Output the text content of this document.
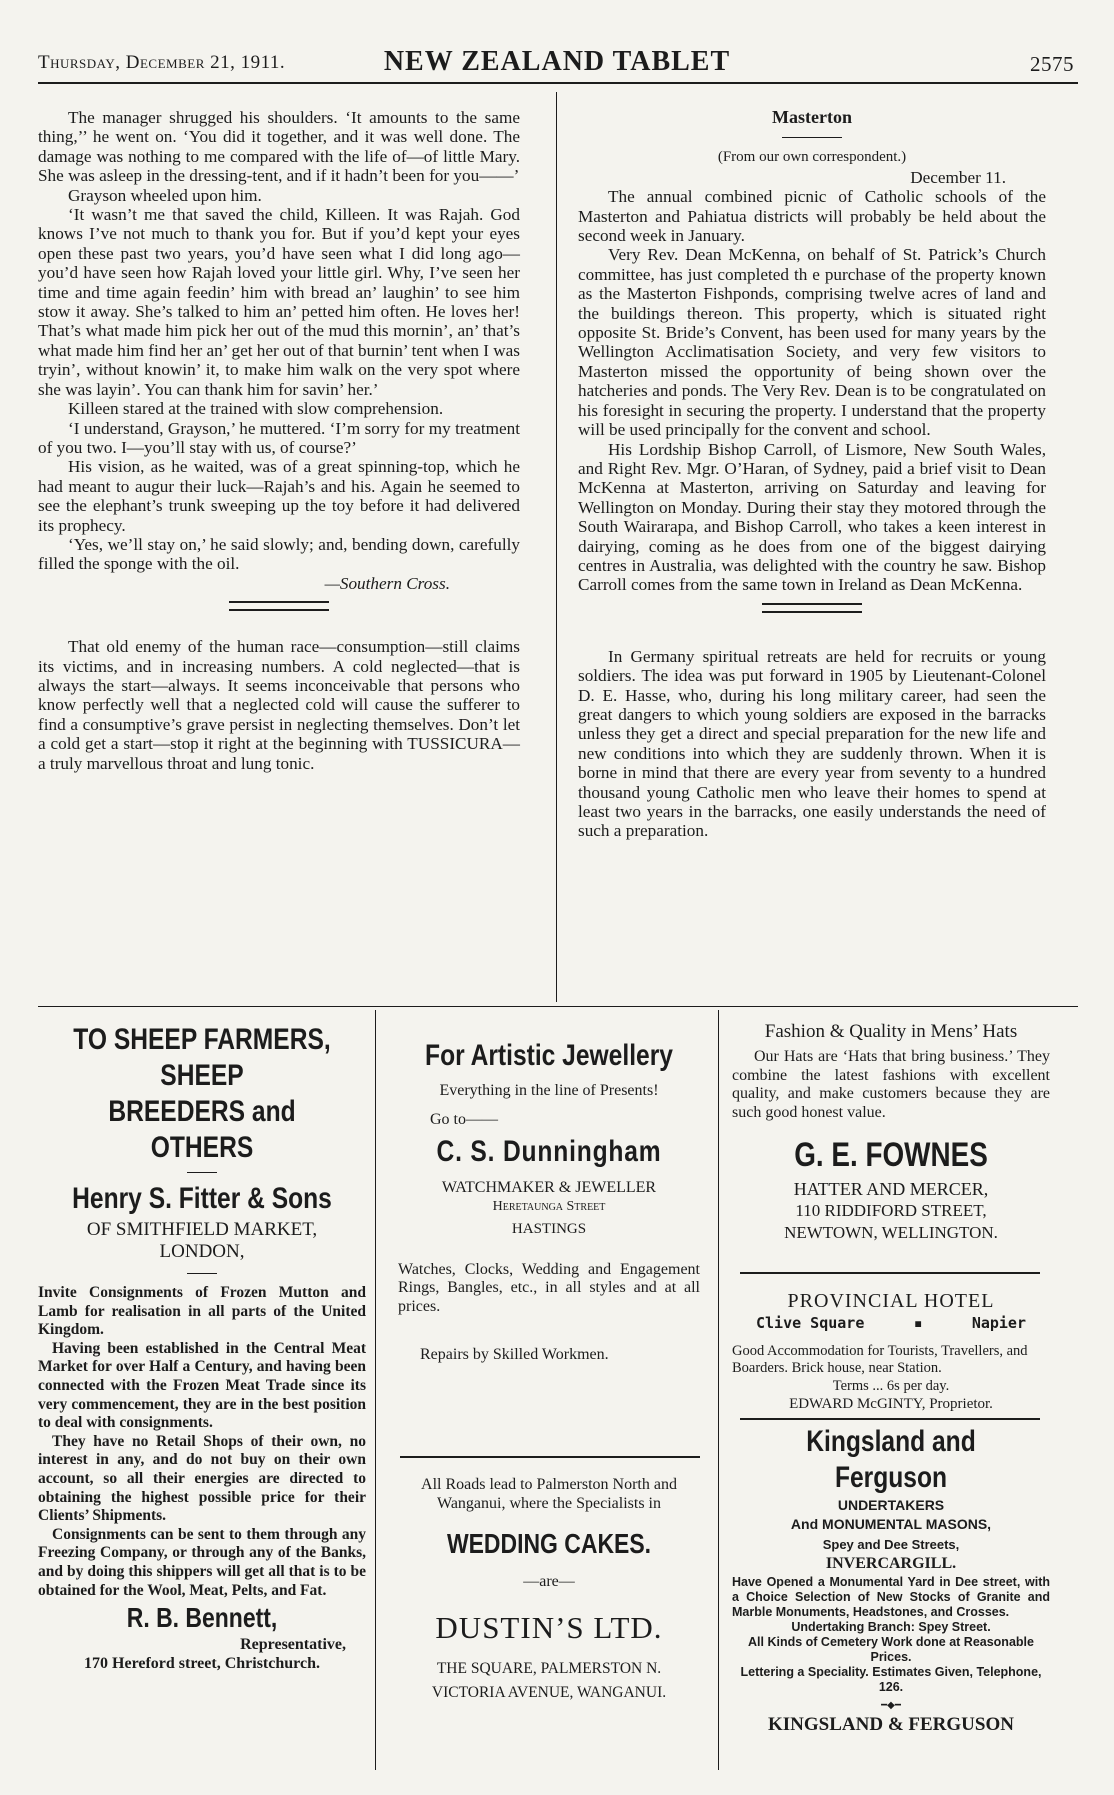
Thursday, December 21, 1911.	NEW ZEALAND TABLET	2575

The manager shrugged his shoulders. ‘It amounts to the same thing,’’ he went on. ‘You did it together, and it was well done. The damage was nothing to me compared with the life of—of little Mary. She was asleep in the dressing-tent, and if it hadn’t been for you——’

Grayson wheeled upon him.

‘It wasn’t me that saved the child, Killeen. It was Rajah. God knows I’ve not much to thank you for. But if you’d kept your eyes open these past two years, you’d have seen what I did long ago—you’d have seen how Rajah loved your little girl. Why, I’ve seen her time and time again feedin’ him with bread an’ laughin’ to see him stow it away. She’s talked to him an’ petted him often. He loves her! That’s what made him pick her out of the mud this mornin’, an’ that’s what made him find her an’ get her out of that burnin’ tent when I was tryin’, without knowin’ it, to make him walk on the very spot where she was layin’. You can thank him for savin’ her.’

Killeen stared at the trained with slow comprehension.

‘I understand, Grayson,’ he muttered. ‘I’m sorry for my treatment of you two. I—you’ll stay with us, of course?’

His vision, as he waited, was of a great spinning-top, which he had meant to augur their luck—Rajah’s and his. Again he seemed to see the elephant’s trunk sweeping up the toy before it had delivered its prophecy.

‘Yes, we’ll stay on,’ he said slowly; and, bending down, carefully filled the sponge with the oil.

—Southern Cross.

That old enemy of the human race—consumption—still claims its victims, and in increasing numbers. A cold neglected—that is always the start—always. It seems inconceivable that persons who know perfectly well that a neglected cold will cause the sufferer to find a consumptive’s grave persist in neglecting themselves. Don’t let a cold get a start—stop it right at the beginning with TUSSICURA—a truly marvellous throat and lung tonic.

Masterton
(From our own correspondent.)
December 11.

The annual combined picnic of Catholic schools of the Masterton and Pahiatua districts will probably be held about the second week in January.

Very Rev. Dean McKenna, on behalf of St. Patrick’s Church committee, has just completed th e purchase of the property known as the Masterton Fishponds, comprising twelve acres of land and the buildings thereon. This property, which is situated right opposite St. Bride’s Convent, has been used for many years by the Wellington Acclimatisation Society, and very few visitors to Masterton missed the opportunity of being shown over the hatcheries and ponds. The Very Rev. Dean is to be congratulated on his foresight in securing the property. I understand that the property will be used principally for the convent and school.

His Lordship Bishop Carroll, of Lismore, New South Wales, and Right Rev. Mgr. O’Haran, of Sydney, paid a brief visit to Dean McKenna at Masterton, arriving on Saturday and leaving for Wellington on Monday. During their stay they motored through the South Wairarapa, and Bishop Carroll, who takes a keen interest in dairying, coming as he does from one of the biggest dairying centres in Australia, was delighted with the country he saw. Bishop Carroll comes from the same town in Ireland as Dean McKenna.

In Germany spiritual retreats are held for recruits or young soldiers. The idea was put forward in 1905 by Lieutenant-Colonel D. E. Hasse, who, during his long military career, had seen the great dangers to which young soldiers are exposed in the barracks unless they get a direct and special preparation for the new life and new conditions into which they are suddenly thrown. When it is borne in mind that there are every year from seventy to a hundred thousand young Catholic men who leave their homes to spend at least two years in the barracks, one easily understands the need of such a preparation.

TO SHEEP FARMERS, SHEEP
BREEDERS and OTHERS
Henry S. Fitter & Sons
OF SMITHFIELD MARKET,
LONDON,

Invite Consignments of Frozen Mutton and Lamb for realisation in all parts of the United Kingdom.

Having been established in the Central Meat Market for over Half a Century, and having been connected with the Frozen Meat Trade since its very commencement, they are in the best position to deal with consignments.

They have no Retail Shops of their own, no interest in any, and do not buy on their own account, so all their energies are directed to obtaining the highest possible price for their Clients’ Shipments.

Consignments can be sent to them through any Freezing Company, or through any of the Banks, and by doing this shippers will get all that is to be obtained for the Wool, Meat, Pelts, and Fat.

R. B. Bennett,
Representative,
170 Hereford street, Christchurch.
For Artistic Jewellery
Everything in the line of Presents!
Go to——
C. S. Dunningham
WATCHMAKER & JEWELLER
Heretaunga Street
HASTINGS
Watches, Clocks, Wedding and Engagement Rings, Bangles, etc., in all styles and at all prices.
Repairs by Skilled Workmen.
All Roads lead to Palmerston North and Wanganui, where the Specialists in
WEDDING CAKES.
—are—
DUSTIN’S LTD.
THE SQUARE, PALMERSTON N.
VICTORIA AVENUE, WANGANUI.
Fashion & Quality in Mens’ Hats
Our Hats are ‘Hats that bring business.’ They combine the latest fashions with excellent quality, and make customers because they are such good honest value.
G. E. FOWNES
HATTER AND MERCER,
110 RIDDIFORD STREET,
NEWTOWN, WELLINGTON.
PROVINCIAL HOTEL
Clive Square	▪	Napier
Good Accommodation for Tourists, Travellers, and Boarders. Brick house, near Station.
Terms ... 6s per day.
EDWARD McGINTY, Proprietor.
Kingsland and Ferguson
UNDERTAKERS
And MONUMENTAL MASONS,
Spey and Dee Streets,
INVERCARGILL.
Have Opened a Monumental Yard in Dee street, with a Choice Selection of New Stocks of Granite and Marble Monuments, Headstones, and Crosses.
Undertaking Branch: Spey Street.
All Kinds of Cemetery Work done at Reasonable Prices.
Lettering a Speciality. Estimates Given, Telephone, 126.
━◆━
KINGSLAND & FERGUSON
